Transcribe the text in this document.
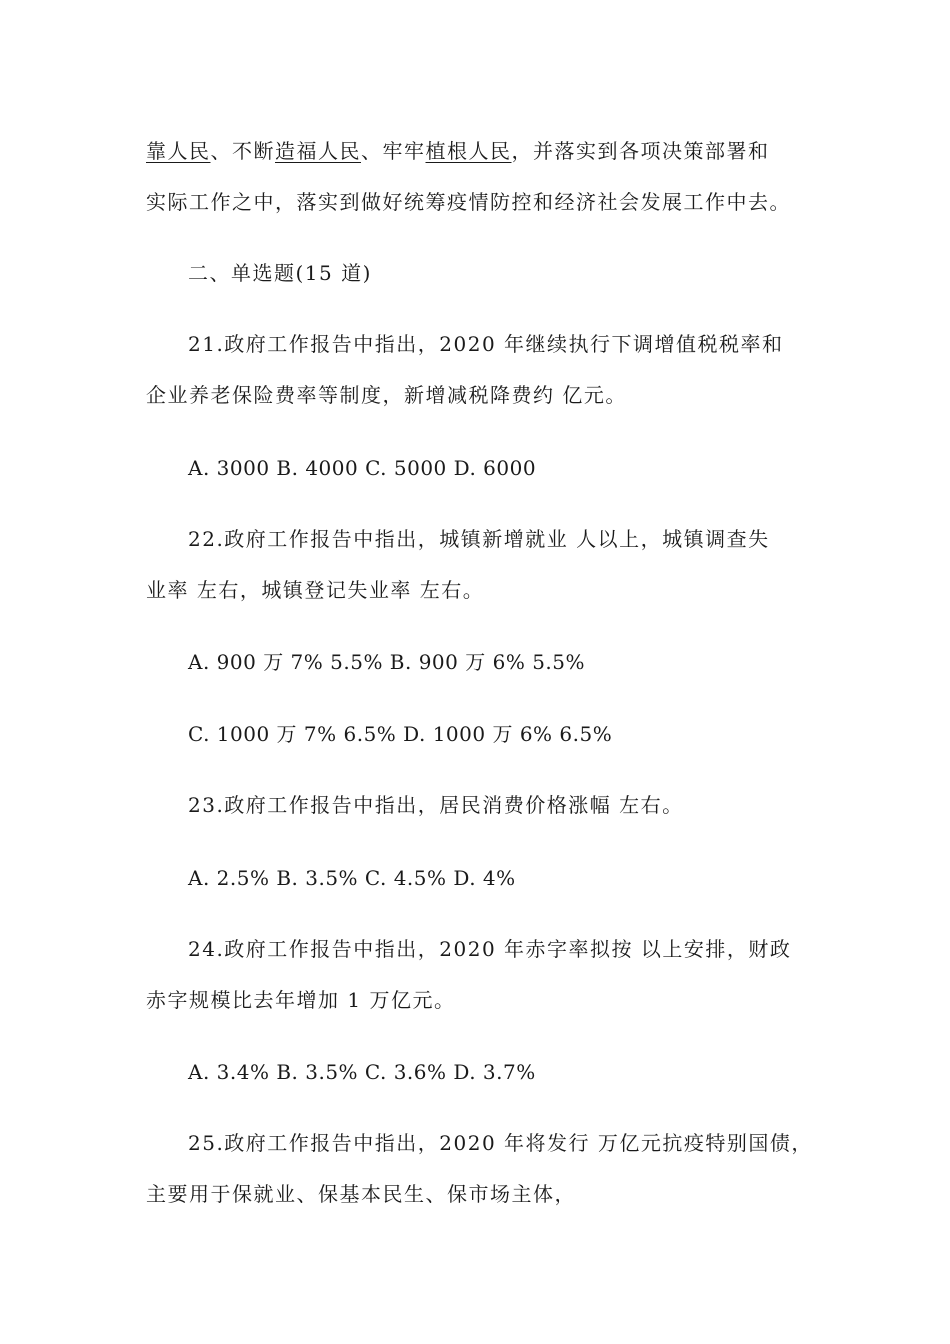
靠人民、不断造福人民、牢牢植根人民，并落实到各项决策部署和
实际工作之中，落实到做好统筹疫情防控和经济社会发展工作中去。
二、单选题(15 道)
21.政府工作报告中指出，2020 年继续执行下调增值税税率和
企业养老保险费率等制度，新增减税降费约 亿元。
A. 3000 B. 4000 C. 5000 D. 6000
22.政府工作报告中指出，城镇新增就业 人以上，城镇调查失
业率 左右，城镇登记失业率 左右。
A. 900 万 7% 5.5% B. 900 万 6% 5.5%
C. 1000 万 7% 6.5% D. 1000 万 6% 6.5%
23.政府工作报告中指出，居民消费价格涨幅 左右。
A. 2.5% B. 3.5% C. 4.5% D. 4%
24.政府工作报告中指出，2020 年赤字率拟按 以上安排，财政
赤字规模比去年增加 1 万亿元。
A. 3.4% B. 3.5% C. 3.6% D. 3.7%
25.政府工作报告中指出，2020 年将发行 万亿元抗疫特别国债，
主要用于保就业、保基本民生、保市场主体，
